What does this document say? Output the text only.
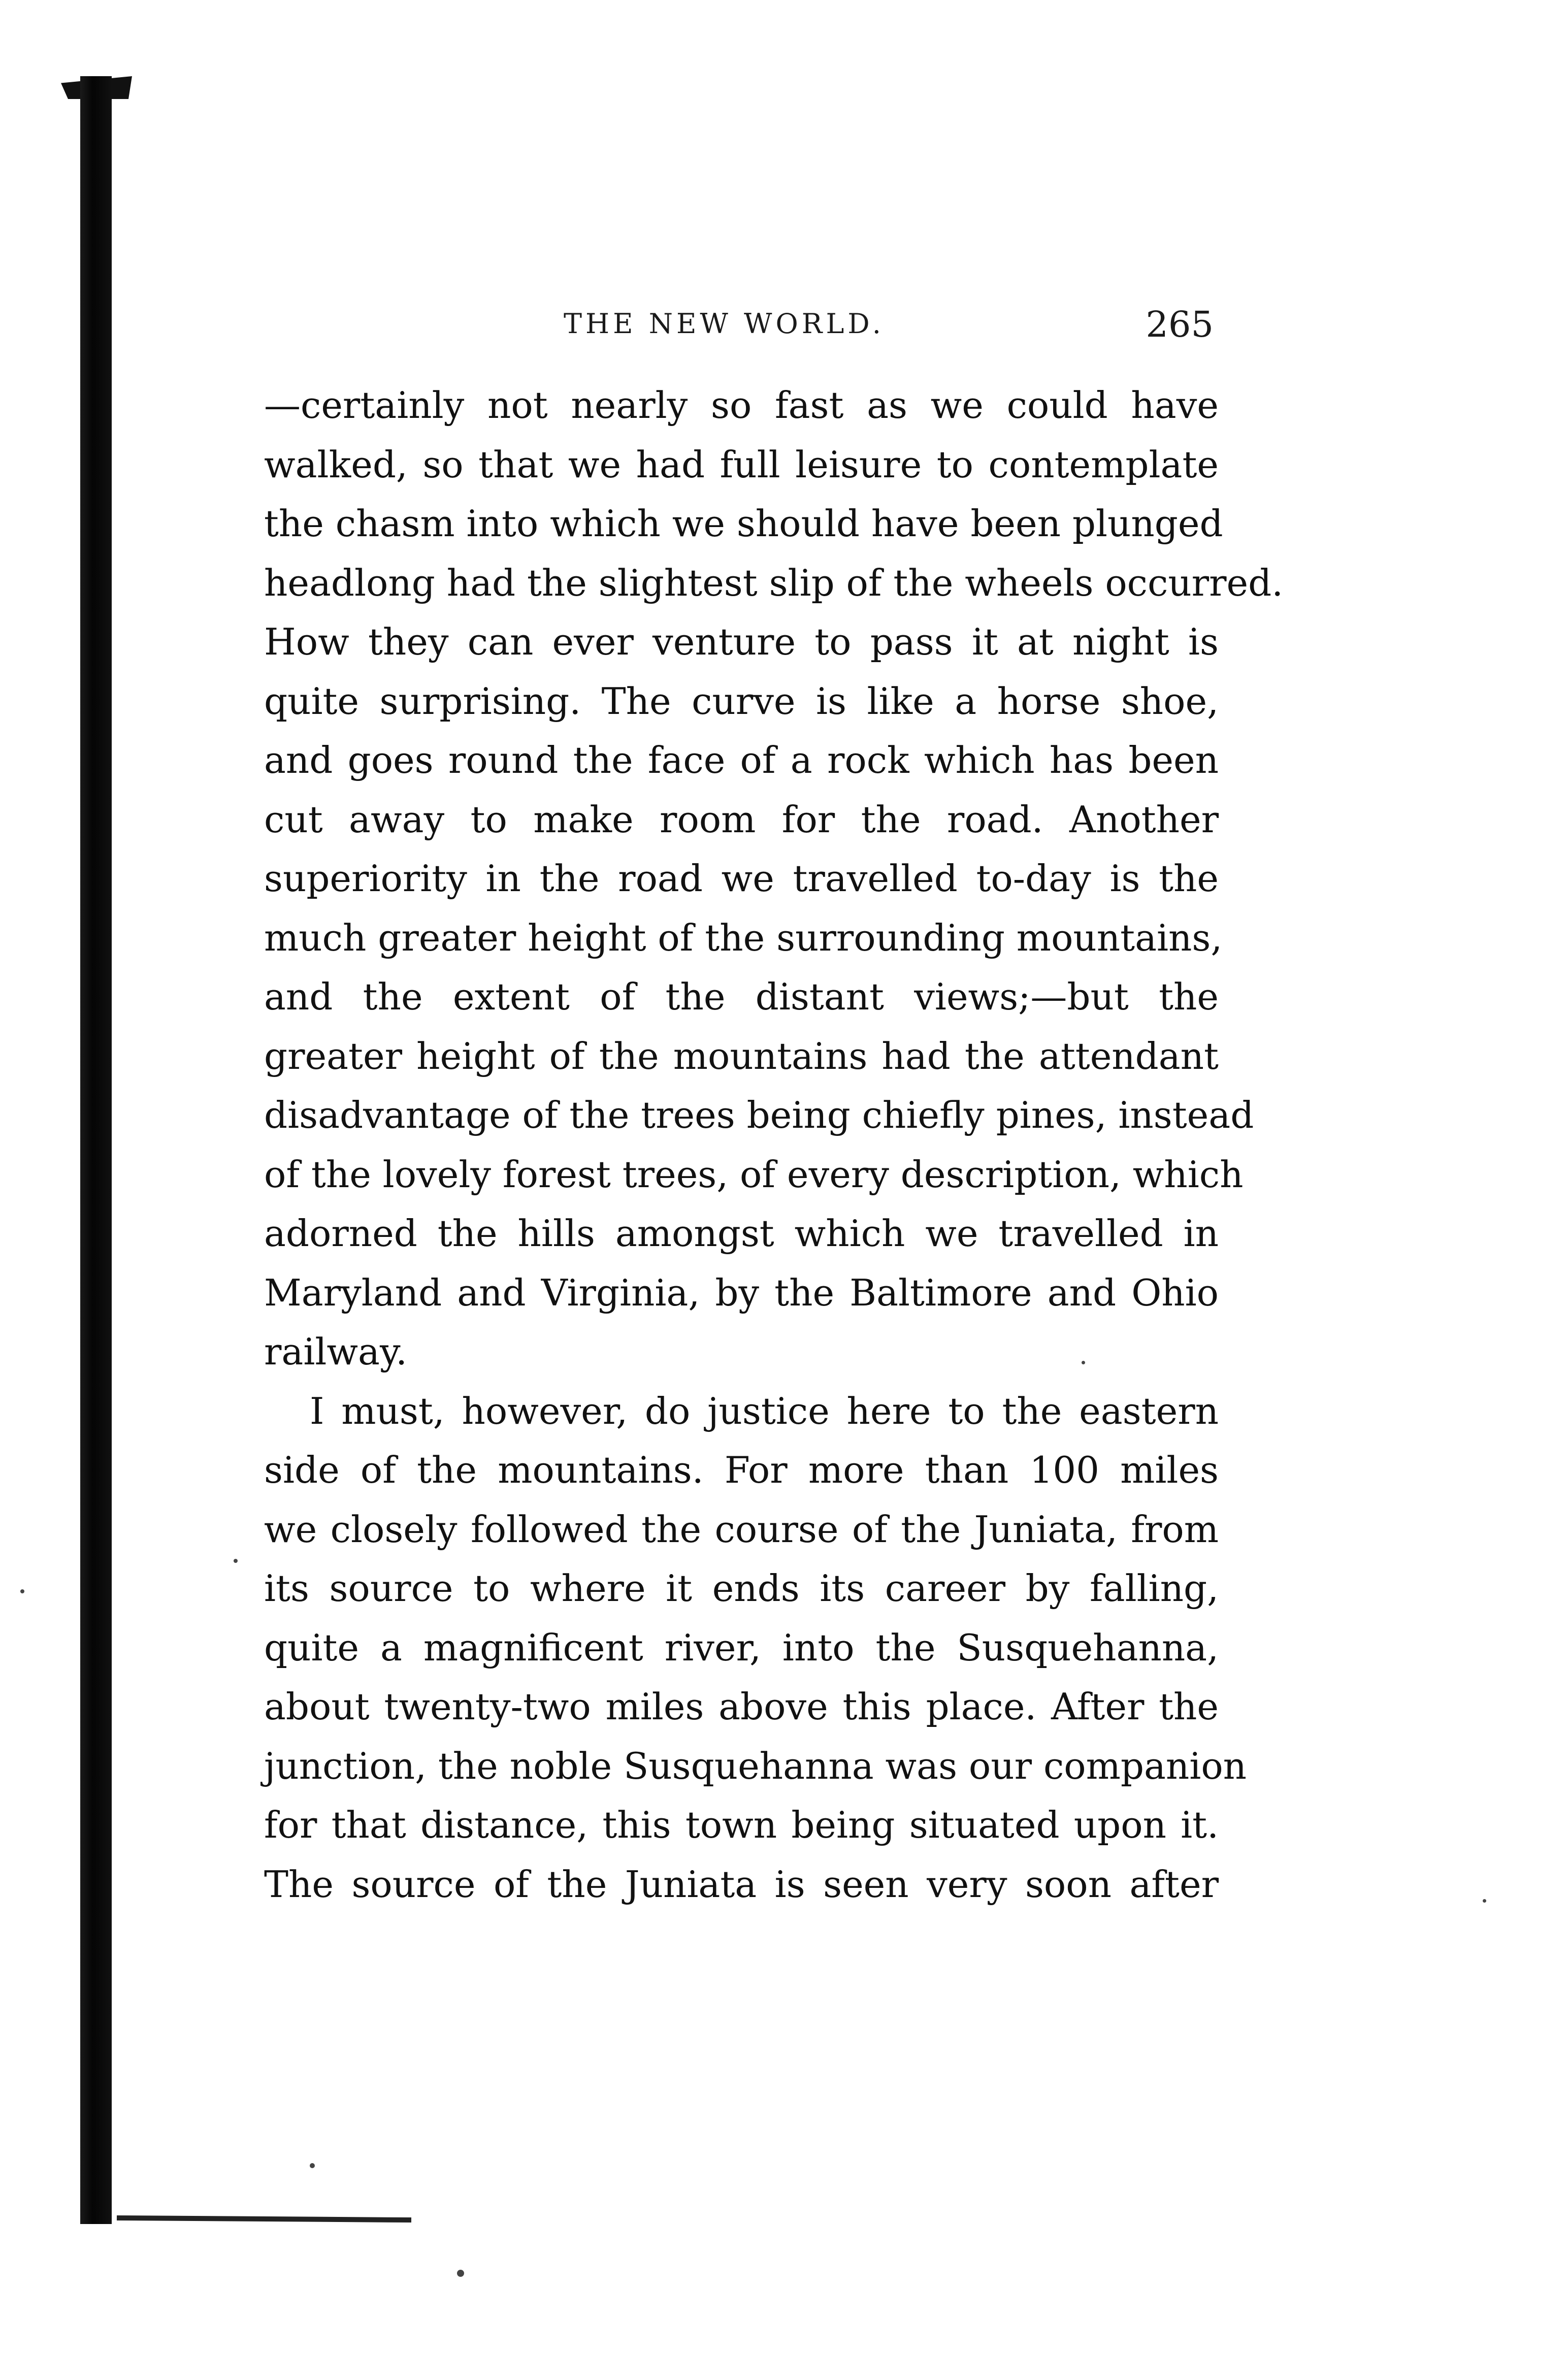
THE NEW WORLD.	265
—certainly not nearly so fast as we could have
walked, so that we had full leisure to contemplate
the chasm into which we should have been plunged
headlong had the slightest slip of the wheels occurred.
How they can ever venture to pass it at night is
quite surprising. The curve is like a horse shoe,
and goes round the face of a rock which has been
cut away to make room for the road. Another
superiority in the road we travelled to-day is the
much greater height of the surrounding mountains,
and the extent of the distant views;—but the
greater height of the mountains had the attendant
disadvantage of the trees being chiefly pines, instead
of the lovely forest trees, of every description, which
adorned the hills amongst which we travelled in
Maryland and Virginia, by the Baltimore and Ohio
railway.
I must, however, do justice here to the eastern
side of the mountains. For more than 100 miles
we closely followed the course of the Juniata, from
its source to where it ends its career by falling,
quite a magnificent river, into the Susquehanna,
about twenty-two miles above this place. After the
junction, the noble Susquehanna was our companion
for that distance, this town being situated upon it.
The source of the Juniata is seen very soon after
